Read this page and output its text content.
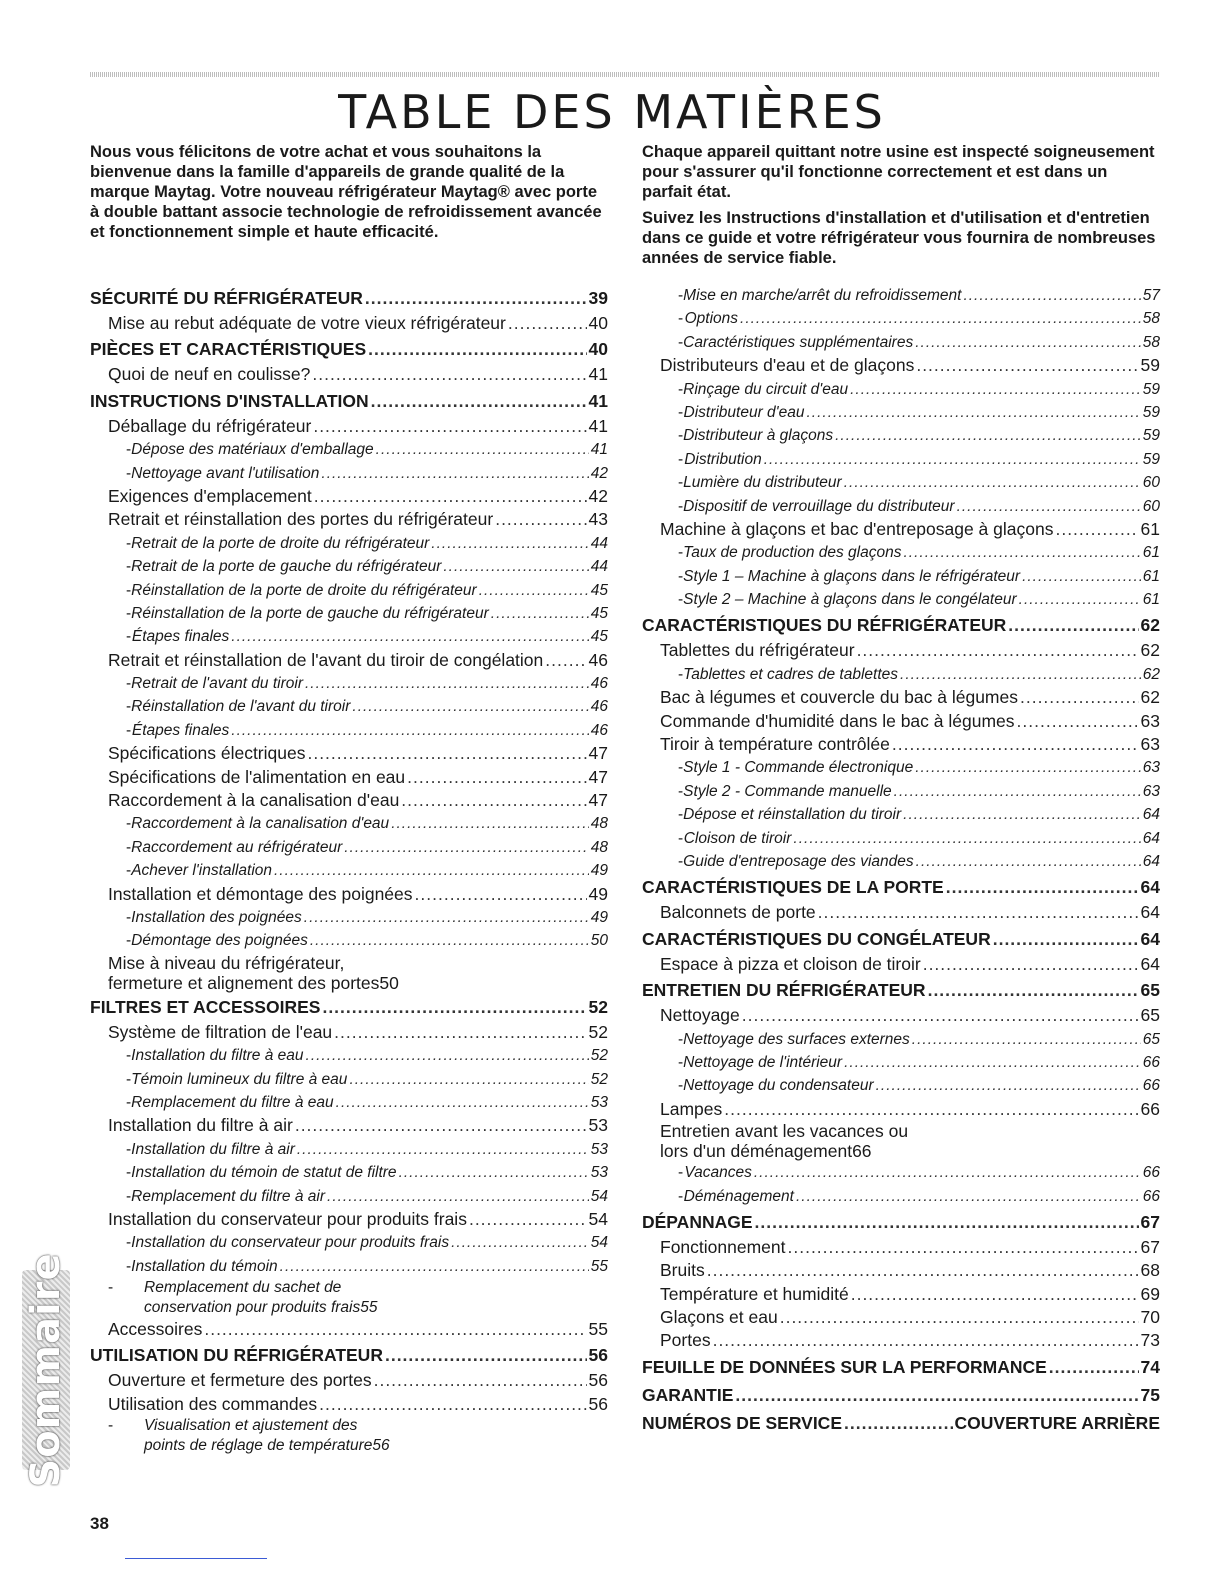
TABLE DES MATIÈRES

Nous vous félicitons de votre achat et vous souhaitons la bienvenue dans la famille d'appareils de grande qualité de la marque Maytag. Votre nouveau réfrigérateur Maytag® avec porte à double battant associe technologie de refroidissement avancée et fonctionnement simple et haute efficacité.

Chaque appareil quittant notre usine est inspecté soigneusement pour s'assurer qu'il fonctionne correctement et est dans un parfait état.

Suivez les Instructions d'installation et d'utilisation et d'entretien dans ce guide et votre réfrigérateur vous fournira de nombreuses années de service fiable.

SÉCURITÉ DU RÉFRIGÉRATEUR .....	39
Mise au rebut adéquate de votre vieux réfrigérateur .....	40
PIÈCES ET CARACTÉRISTIQUES .....	40
Quoi de neuf en coulisse? .....	41
INSTRUCTIONS D'INSTALLATION .....	41
Déballage du réfrigérateur .....	41
- Dépose des matériaux d'emballage .....	41
- Nettoyage avant l'utilisation .....	42
Exigences d'emplacement .....	42
Retrait et réinstallation des portes du réfrigérateur .....	43
- Retrait de la porte de droite du réfrigérateur .....	44
- Retrait de la porte de gauche du réfrigérateur .....	44
- Réinstallation de la porte de droite du réfrigérateur .....	45
- Réinstallation de la porte de gauche du réfrigérateur .....	45
- Étapes finales .....	45
Retrait et réinstallation de l'avant du tiroir de congélation .....	46
- Retrait de l'avant du tiroir .....	46
- Réinstallation de l'avant du tiroir .....	46
- Étapes finales .....	46
Spécifications électriques .....	47
Spécifications de l'alimentation en eau .....	47
Raccordement à la canalisation d'eau .....	47
- Raccordement à la canalisation d'eau .....	48
- Raccordement au réfrigérateur .....	48
- Achever l'installation .....	49
Installation et démontage des poignées .....	49
- Installation des poignées .....	49
- Démontage des poignées .....	50
Mise à niveau du réfrigérateur,
fermeture et alignement des portes 50
FILTRES ET ACCESSOIRES .....	52
Système de filtration de l'eau .....	52
- Installation du filtre à eau .....	52
- Témoin lumineux du filtre à eau .....	52
- Remplacement du filtre à eau .....	53
Installation du filtre à air .....	53
- Installation du filtre à air .....	53
- Installation du témoin de statut de filtre .....	53
- Remplacement du filtre à air .....	54
Installation du conservateur pour produits frais .....	54
- Installation du conservateur pour produits frais .....	54
- Installation du témoin .....	55
-	Remplacement du sachet de
conservation pour produits frais 55
Accessoires .....	55
UTILISATION DU RÉFRIGÉRATEUR .....	56
Ouverture et fermeture des portes .....	56
Utilisation des commandes .....	56
-	Visualisation et ajustement des
points de réglage de température 56
- Mise en marche/arrêt du refroidissement .....	57
- Options .....	58
- Caractéristiques supplémentaires .....	58
Distributeurs d'eau et de glaçons .....	59
- Rinçage du circuit d'eau .....	59
- Distributeur d'eau .....	59
- Distributeur à glaçons .....	59
- Distribution .....	59
- Lumière du distributeur .....	60
- Dispositif de verrouillage du distributeur .....	60
Machine à glaçons et bac d'entreposage à glaçons .....	61
- Taux de production des glaçons .....	61
- Style 1 – Machine à glaçons dans le réfrigérateur .....	61
- Style 2 – Machine à glaçons dans le congélateur .....	61
CARACTÉRISTIQUES DU RÉFRIGÉRATEUR .....	62
Tablettes du réfrigérateur .....	62
- Tablettes et cadres de tablettes .....	62
Bac à légumes et couvercle du bac à légumes .....	62
Commande d'humidité dans le bac à légumes .....	63
Tiroir à température contrôlée .....	63
- Style 1 - Commande électronique .....	63
- Style 2 - Commande manuelle .....	63
- Dépose et réinstallation du tiroir .....	64
- Cloison de tiroir .....	64
- Guide d'entreposage des viandes .....	64
CARACTÉRISTIQUES DE LA PORTE .....	64
Balconnets de porte .....	64
CARACTÉRISTIQUES DU CONGÉLATEUR .....	64
Espace à pizza et cloison de tiroir .....	64
ENTRETIEN DU RÉFRIGÉRATEUR .....	65
Nettoyage .....	65
- Nettoyage des surfaces externes .....	65
- Nettoyage de l'intérieur .....	66
- Nettoyage du condensateur .....	66
Lampes .....	66
Entretien avant les vacances ou
lors d'un déménagement 66
- Vacances .....	66
- Déménagement .....	66
DÉPANNAGE .....	67
Fonctionnement .....	67
Bruits .....	68
Température et humidité .....	69
Glaçons et eau .....	70
Portes .....	73
FEUILLE DE DONNÉES SUR LA PERFORMANCE .....	74
GARANTIE .....	75
NUMÉROS DE SERVICE .....	COUVERTURE ARRIÈRE
Sommaire
38
